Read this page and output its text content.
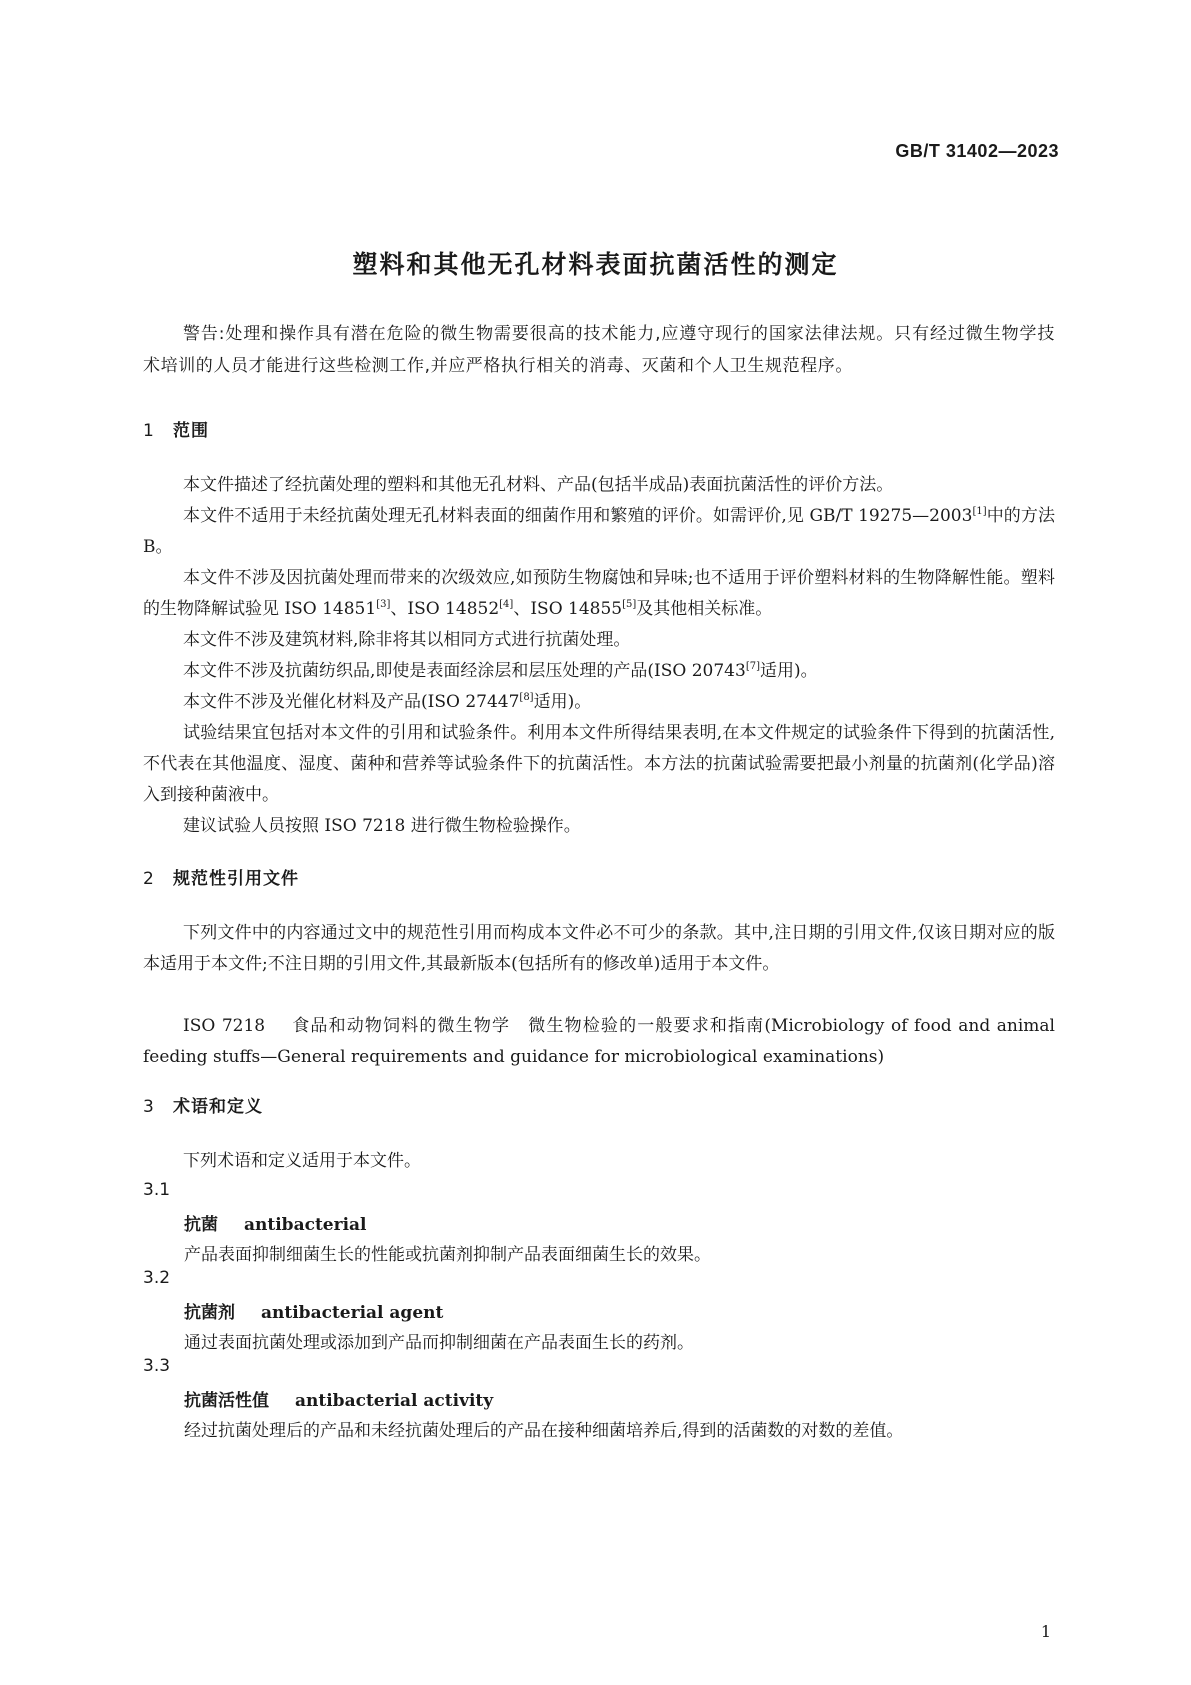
GB/T 31402—2023
塑料和其他无孔材料表面抗菌活性的测定
警告:处理和操作具有潜在危险的微生物需要很高的技术能力,应遵守现行的国家法律法规。只有经过微生物学技术培训的人员才能进行这些检测工作,并应严格执行相关的消毒、灭菌和个人卫生规范程序。
1 范围

本文件描述了经抗菌处理的塑料和其他无孔材料、产品(包括半成品)表面抗菌活性的评价方法。

本文件不适用于未经抗菌处理无孔材料表面的细菌作用和繁殖的评价。如需评价,见 GB/T 19275—2003[1]中的方法 B。

本文件不涉及因抗菌处理而带来的次级效应,如预防生物腐蚀和异味;也不适用于评价塑料材料的生物降解性能。塑料的生物降解试验见 ISO 14851[3]、ISO 14852[4]、ISO 14855[5]及其他相关标准。

本文件不涉及建筑材料,除非将其以相同方式进行抗菌处理。

本文件不涉及抗菌纺织品,即使是表面经涂层和层压处理的产品(ISO 20743[7]适用)。

本文件不涉及光催化材料及产品(ISO 27447[8]适用)。

试验结果宜包括对本文件的引用和试验条件。利用本文件所得结果表明,在本文件规定的试验条件下得到的抗菌活性,不代表在其他温度、湿度、菌种和营养等试验条件下的抗菌活性。本方法的抗菌试验需要把最小剂量的抗菌剂(化学品)溶入到接种菌液中。

建议试验人员按照 ISO 7218 进行微生物检验操作。

2 规范性引用文件

下列文件中的内容通过文中的规范性引用而构成本文件必不可少的条款。其中,注日期的引用文件,仅该日期对应的版本适用于本文件;不注日期的引用文件,其最新版本(包括所有的修改单)适用于本文件。

ISO 7218 食品和动物饲料的微生物学　微生物检验的一般要求和指南(Microbiology of food and animal feeding stuffs—General requirements and guidance for microbiological examinations)

3 术语和定义

下列术语和定义适用于本文件。

3.1
抗菌 antibacterial
产品表面抑制细菌生长的性能或抗菌剂抑制产品表面细菌生长的效果。
3.2
抗菌剂 antibacterial agent
通过表面抗菌处理或添加到产品而抑制细菌在产品表面生长的药剂。
3.3
抗菌活性值 antibacterial activity
经过抗菌处理后的产品和未经抗菌处理后的产品在接种细菌培养后,得到的活菌数的对数的差值。
1
